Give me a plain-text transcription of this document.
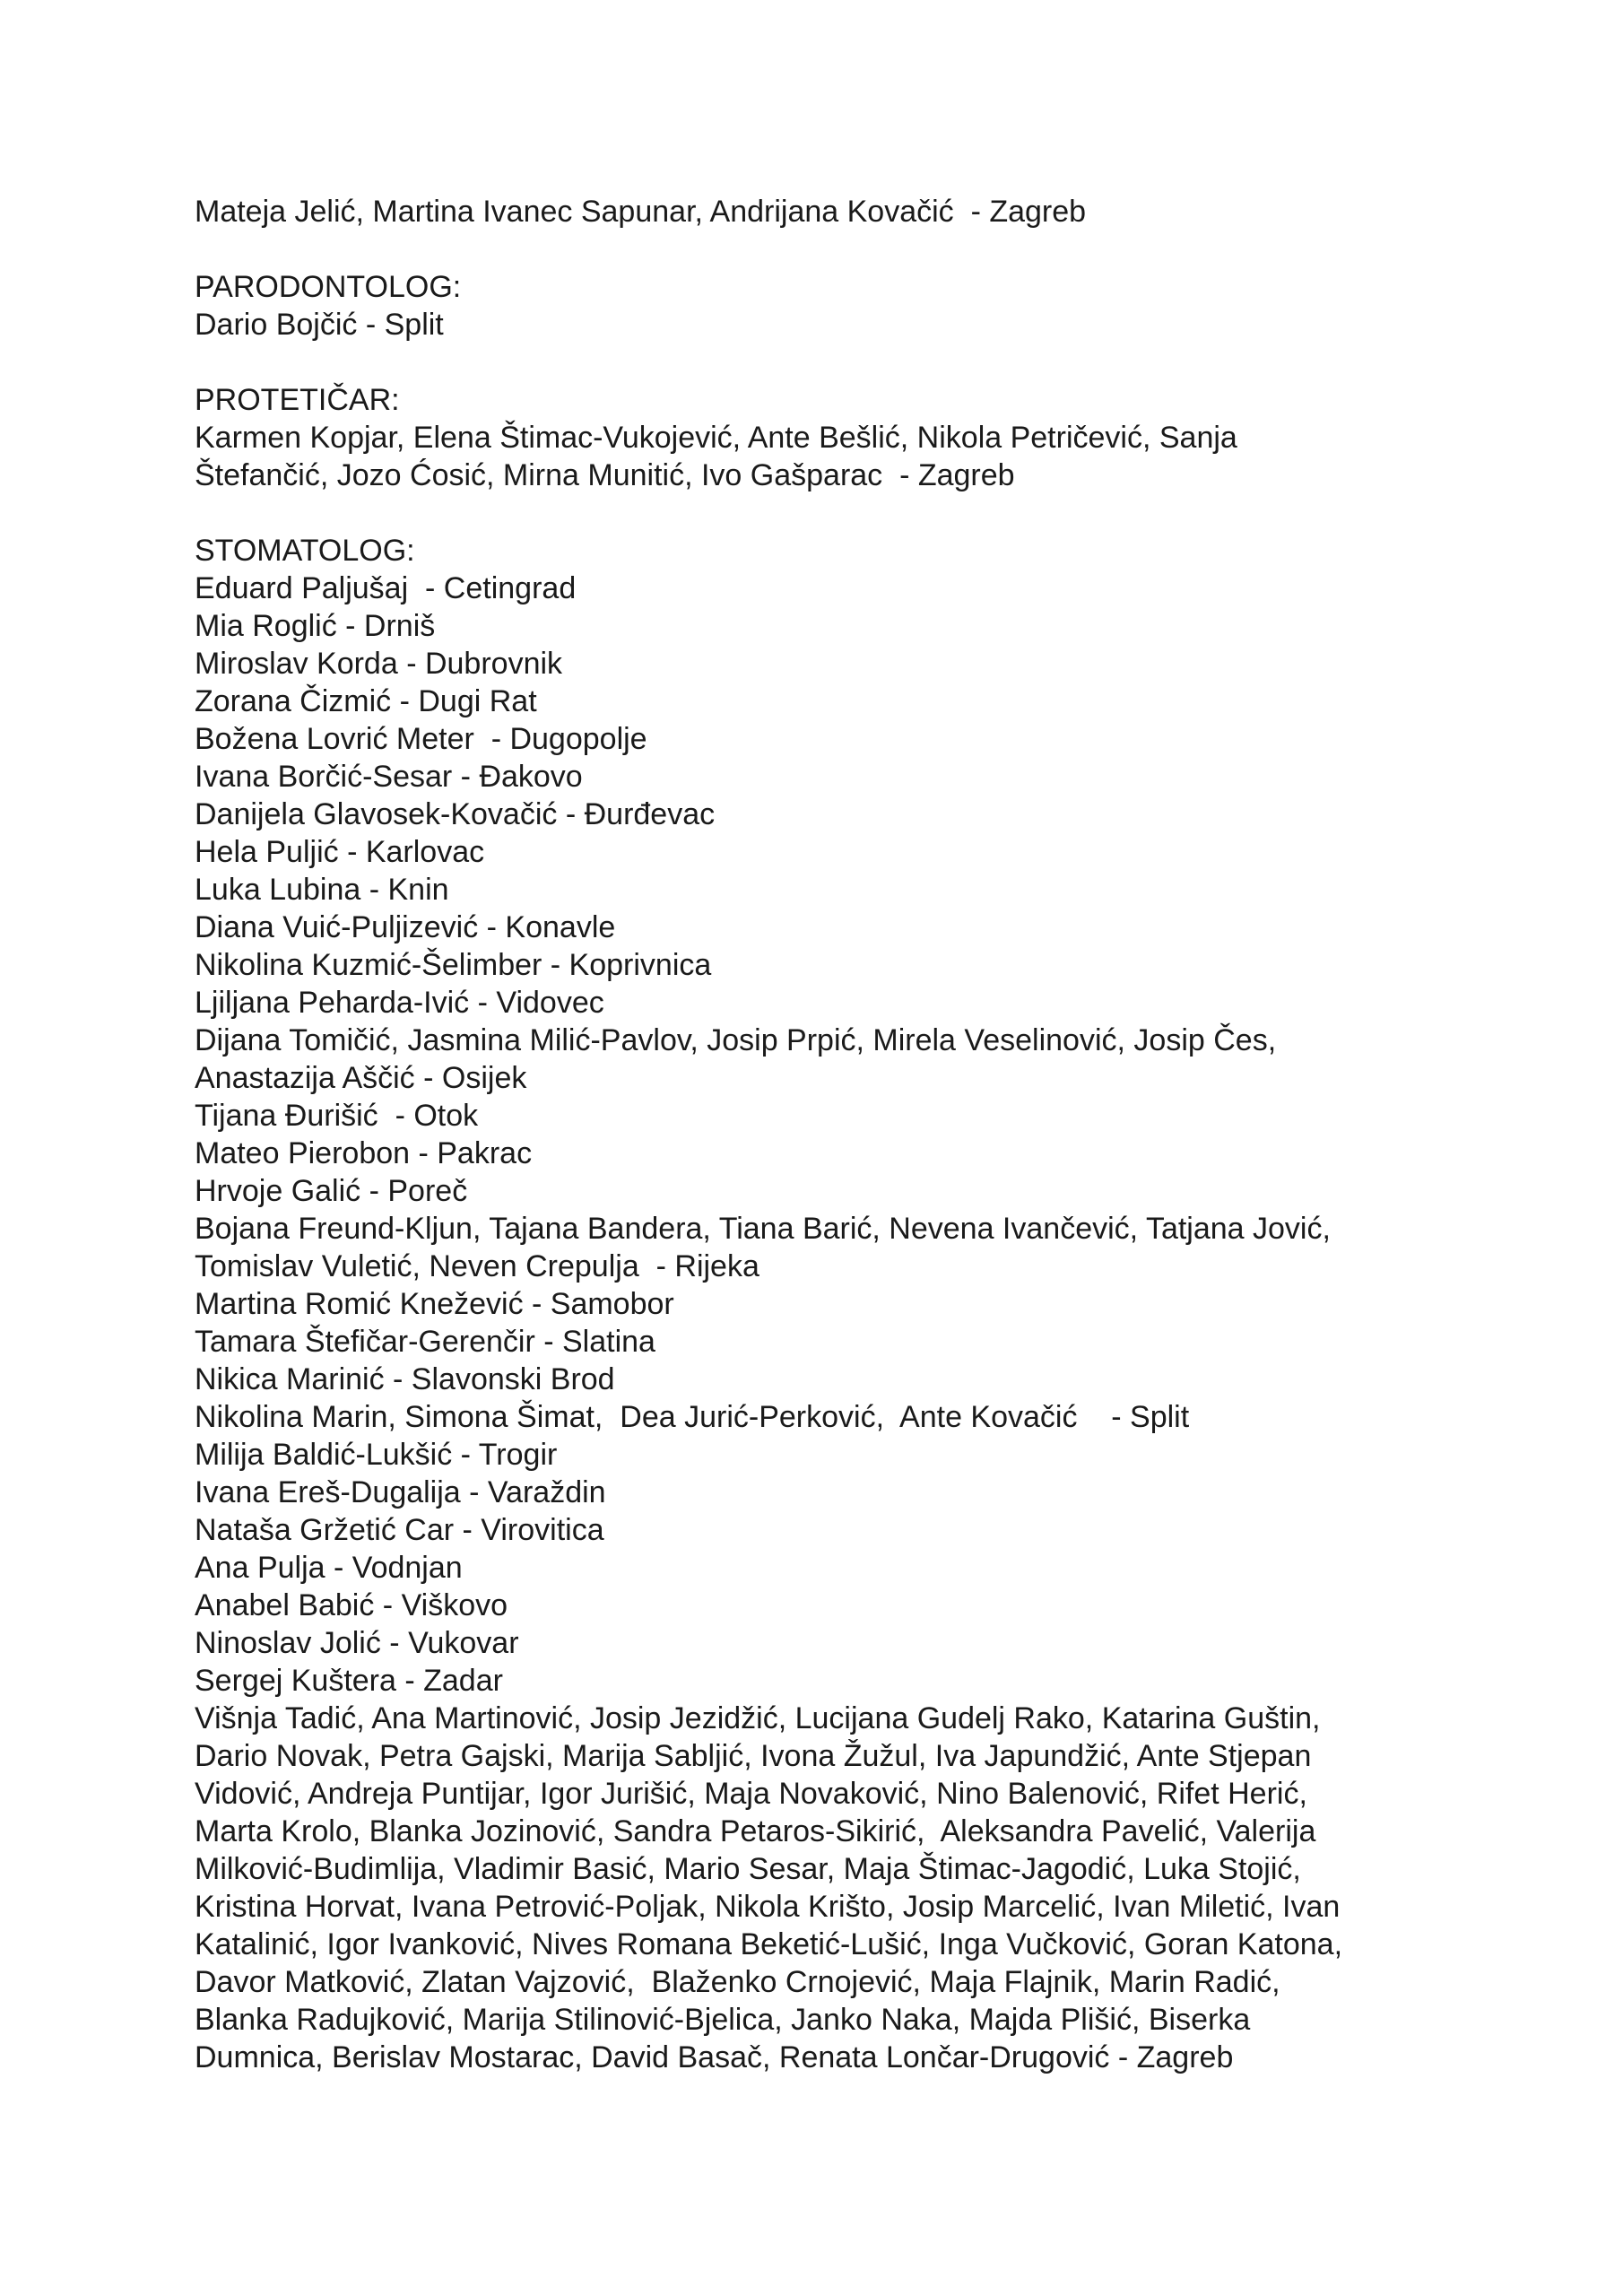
Mateja Jelić, Martina Ivanec Sapunar, Andrijana Kovačić  - Zagreb
PARODONTOLOG:
Dario Bojčić - Split
PROTETIČAR:
Karmen Kopjar, Elena Štimac-Vukojević, Ante Bešlić, Nikola Petričević, Sanja
Štefančić, Jozo Ćosić, Mirna Munitić, Ivo Gašparac  - Zagreb
STOMATOLOG:
Eduard Paljušaj  - Cetingrad
Mia Roglić - Drniš
Miroslav Korda - Dubrovnik
Zorana Čizmić - Dugi Rat
Božena Lovrić Meter  - Dugopolje
Ivana Borčić-Sesar - Đakovo
Danijela Glavosek-Kovačić - Đurđevac
Hela Puljić - Karlovac
Luka Lubina - Knin
Diana Vuić-Puljizević - Konavle
Nikolina Kuzmić-Šelimber - Koprivnica
Ljiljana Peharda-Ivić - Vidovec
Dijana Tomičić, Jasmina Milić-Pavlov, Josip Prpić, Mirela Veselinović, Josip Čes,
Anastazija Aščić - Osijek
Tijana Đurišić  - Otok
Mateo Pierobon - Pakrac
Hrvoje Galić - Poreč
Bojana Freund-Kljun, Tajana Bandera, Tiana Barić, Nevena Ivančević, Tatjana Jović,
Tomislav Vuletić, Neven Crepulja  - Rijeka
Martina Romić Knežević - Samobor
Tamara Štefičar-Gerenčir - Slatina
Nikica Marinić - Slavonski Brod
Nikolina Marin, Simona Šimat,  Dea Jurić-Perković,  Ante Kovačić    - Split
Milija Baldić-Lukšić - Trogir
Ivana Ereš-Dugalija - Varaždin
Nataša Gržetić Car - Virovitica
Ana Pulja - Vodnjan
Anabel Babić - Viškovo
Ninoslav Jolić - Vukovar
Sergej Kuštera - Zadar
Višnja Tadić, Ana Martinović, Josip Jezidžić, Lucijana Gudelj Rako, Katarina Guštin,
Dario Novak, Petra Gajski, Marija Sabljić, Ivona Žužul, Iva Japundžić, Ante Stjepan
Vidović, Andreja Puntijar, Igor Jurišić, Maja Novaković, Nino Balenović, Rifet Herić,
Marta Krolo, Blanka Jozinović, Sandra Petaros-Sikirić,  Aleksandra Pavelić, Valerija
Milković-Budimlija, Vladimir Basić, Mario Sesar, Maja Štimac-Jagodić, Luka Stojić,
Kristina Horvat, Ivana Petrović-Poljak, Nikola Krišto, Josip Marcelić, Ivan Miletić, Ivan
Katalinić, Igor Ivanković, Nives Romana Beketić-Lušić, Inga Vučković, Goran Katona,
Davor Matković, Zlatan Vajzović,  Blaženko Crnojević, Maja Flajnik, Marin Radić,
Blanka Radujković, Marija Stilinović-Bjelica, Janko Naka, Majda Plišić, Biserka
Dumnica, Berislav Mostarac, David Basač, Renata Lončar-Drugović - Zagreb
